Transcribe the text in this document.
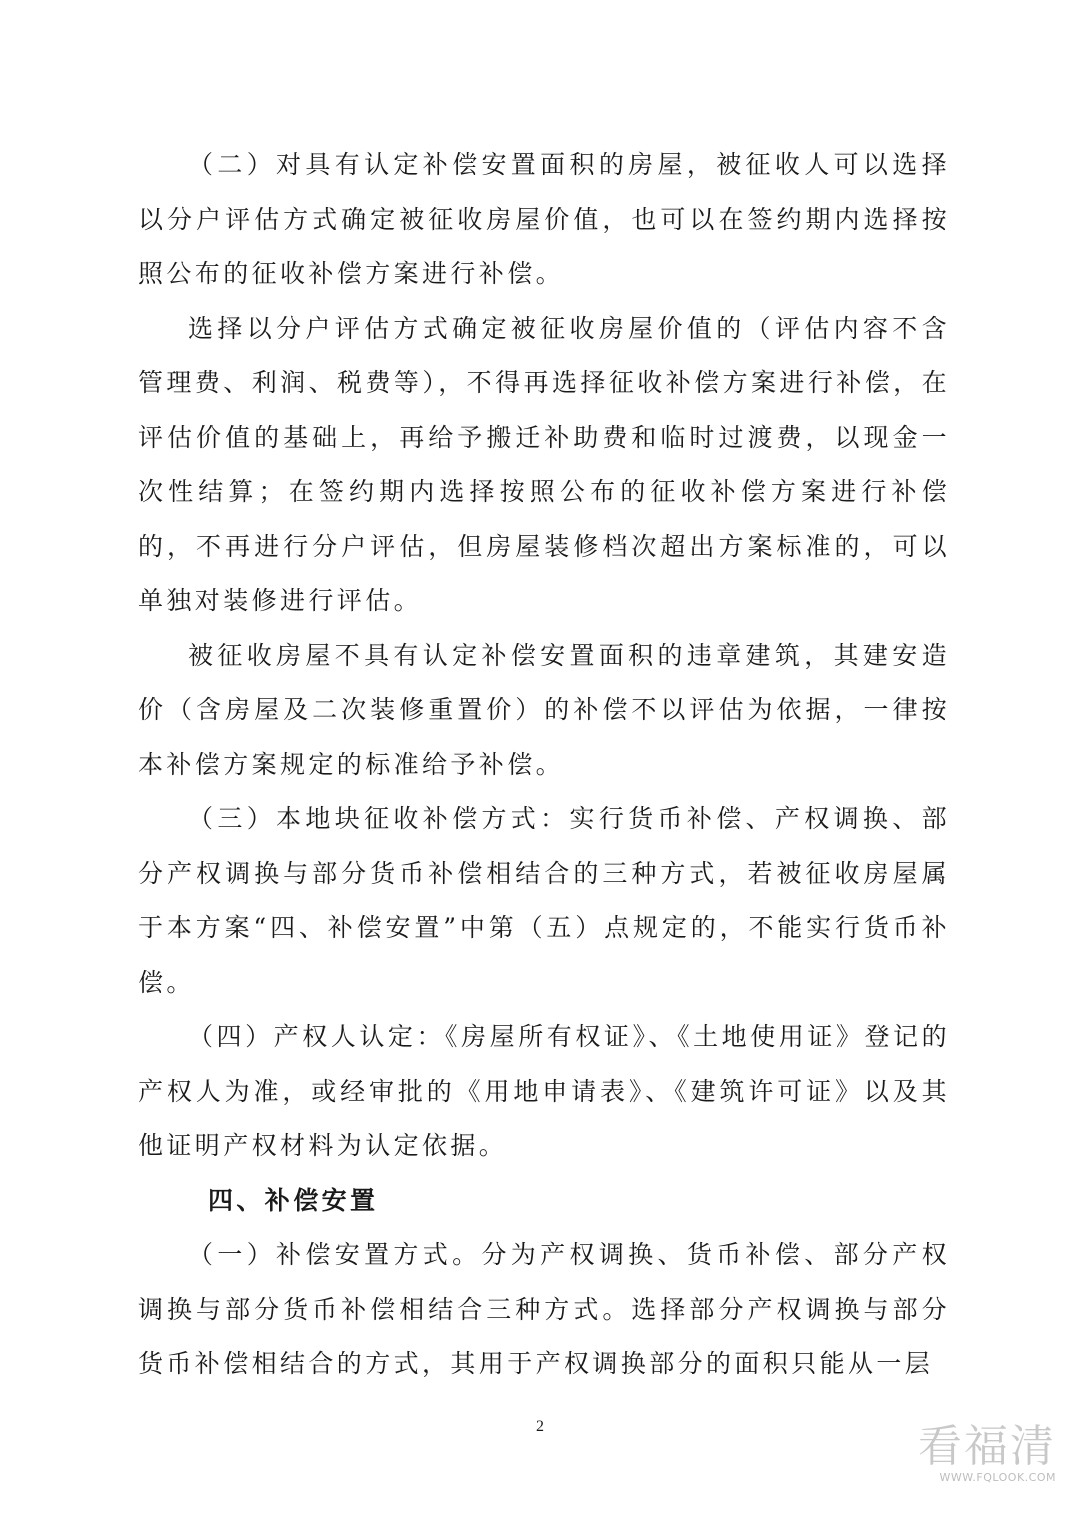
（二）对具有认定补偿安置面积的房屋，被征收人可以选择以分户评估方式确定被征收房屋价值，也可以在签约期内选择按照公布的征收补偿方案进行补偿。

选择以分户评估方式确定被征收房屋价值的（评估内容不含管理费、利润、税费等），不得再选择征收补偿方案进行补偿，在评估价值的基础上，再给予搬迁补助费和临时过渡费，以现金一次性结算；在签约期内选择按照公布的征收补偿方案进行补偿的，不再进行分户评估，但房屋装修档次超出方案标准的，可以单独对装修进行评估。

被征收房屋不具有认定补偿安置面积的违章建筑，其建安造价（含房屋及二次装修重置价）的补偿不以评估为依据，一律按本补偿方案规定的标准给予补偿。

（三）本地块征收补偿方式：实行货币补偿、产权调换、部分产权调换与部分货币补偿相结合的三种方式，若被征收房屋属于本方案“四、补偿安置”中第（五）点规定的，不能实行货币补偿。

（四）产权人认定：《房屋所有权证》、《土地使用证》登记的产权人为准，或经审批的《用地申请表》、《建筑许可证》以及其他证明产权材料为认定依据。

四、补偿安置

（一）补偿安置方式。分为产权调换、货币补偿、部分产权调换与部分货币补偿相结合三种方式。选择部分产权调换与部分货币补偿相结合的方式，其用于产权调换部分的面积只能从一层

2	看福清
WWW.FQLOOK.COM
